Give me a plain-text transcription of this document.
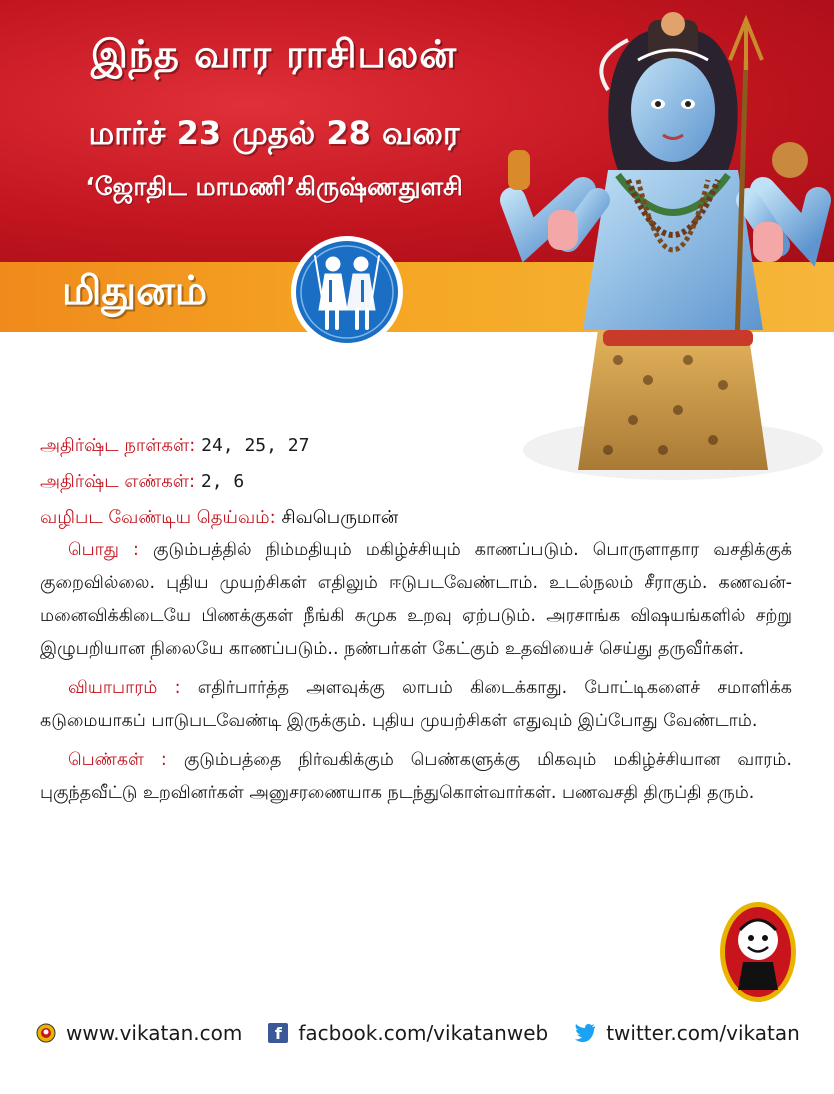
இந்த வார ராசிபலன்
மார்ச் 23 முதல் 28 வரை
‘ஜோதிட மாமணி’கிருஷ்ணதுளசி
மிதுனம்
அதிர்ஷ்ட நாள்கள்: 24, 25, 27
அதிர்ஷ்ட எண்கள்: 2, 6
வழிபட வேண்டிய தெய்வம்: சிவபெருமான்

பொது : குடும்பத்தில் நிம்மதியும் மகிழ்ச்சியும் காணப்படும். பொருளாதார வசதிக்குக் குறைவில்லை. புதிய முயற்சிகள் எதிலும் ஈடுபடவேண்டாம். உடல்நலம் சீராகும். கணவன்-மனைவிக்கிடையே பிணக்குகள் நீங்கி சுமுக உறவு ஏற்படும். அரசாங்க விஷயங்களில் சற்று இழுபறியான நிலையே காணப்படும்.. நண்பர்கள் கேட்கும் உதவியைச் செய்து தருவீர்கள்.

வியாபாரம் : எதிர்பார்த்த அளவுக்கு லாபம் கிடைக்காது. போட்டிகளைச் சமாளிக்க கடுமையாகப் பாடுபடவேண்டி இருக்கும். புதிய முயற்சிகள் எதுவும் இப்போது வேண்டாம்.

பெண்கள் : குடும்பத்தை நிர்வகிக்கும் பெண்களுக்கு மிகவும் மகிழ்ச்சியான வாரம். புகுந்தவீட்டு உறவினர்கள் அனுசரணையாக நடந்துகொள்வார்கள். பணவசதி திருப்தி தரும்.

www.vikatan.com	f facbook.com/vikatanweb	twitter.com/vikatan
